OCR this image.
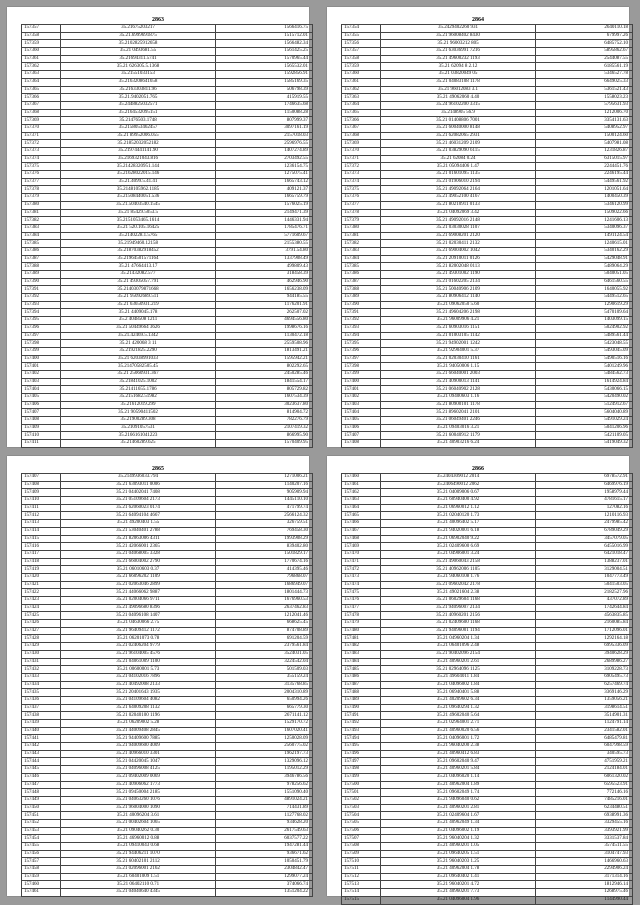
2863
157357	35.21675203217	1566416.75
157358	35.21.6999691875	1515712.01
157359	35.2102825912658	1566482.34
157360	35.21 0493681.55	1561425.25
157361	35.21694311.5741	1570965.44
157362	35.21 626305.5.1368	1565532.01
157363	35.21551033153	1592856.91
157364	35.2163208641658	1585169.35
157365	35.2163303811.96	506798.39
157366	35.21.9402051.765	415919.55
157367	35.2448825032571	1746635.68
157368	35.2164532095151	1150088.28
157369	35.21476503.1748	807999.37
157370	35.2158053462457	3097161.19
157371	35.21 89952006.055	2157018.03
157372	35.21852032052182	2596976.55
157373	35.21974441141.90	1407274.89
157374	35.2169321043.816	2703492.55
157375	35.21428320951.144	1236154.75
157376	35.21628022015.146	1275075.41
157377	35.21.4099.5.41.41	1665743.12
157378	35.2148105962.1185	409121.37
157379	35.21508440051.536	1665759.79
157380	35.21.50403540.1545	1576025.19
157381	35.21 85429.5053.5	2149471.39
157382	35.2151053465.1614	1446331.94
157383	35.21 520.105.16425	1785476.71
157384	35.2140228.1.5765	5771609.67
157385	35.21949460.12158	2155380.55
157386	35.21870382918452	3791.54.80
157387	35.21964501571164	1337908.49
157388	35.21 47664413.17	499809.43
157389	35.21432082.577	318458.39
157390	35.21 49305057.791	462946.90
157391	35.21403079871668	1656238.09
157392	35.21 95092689.511	944185.55
157393	35.21 63650931.219	1176201.91
157394	35.21 4409045.178	262507.02
157395	35.2 4048508 1211	4694556.80
157396	35.21 50449664 3626	1998676.16
157397	35.21.42469.5.1342	1130472.18
157398	35.21 420068 3 11	2559508.96
157399	35.21921825.2290	1813491.21
157400	35.21 62038991033	1595942.21
157401	35.21470582505.45	802292.65
157402	35.21 25060931.367	2450285.46
157403	35.21841025.1002	1841554.17
157404	35.21411655.1786	805729.82
157405	35.2151682.51982	1607534.39
157406	35.21612019.299	3023637.80
157407	35.21 90590411502	814904.72
157408	35.21900289.308	782276.79
157409	35.21091057531	2107419.32
157410	35.2166161041223	866995.90
157411	35.21460289.625	1570409.95
2864
157354	35.2429402260 931	2640110.18
157355	35.21 96008402 8430	679997.26
157356	35.21 96003212 805	6485752.10
157357	35.21 63036991 7216	5895862.67
157358	35.21 49600232 1193	2544087.55
157359	35.21 62094 8 2.12	6185561.19
157360	35.21 03820049 05	5346527.78
157361	35.21 04083108 1178	6649025.33
157362	35.21 96012083 3.1	5361521.43
157363	35.21 49062060 4.40	1558023.23
157364	35.24 96102200 3315	5795631.93
157365	35.2148905 56.9	1212006.70
157366	35.21 01408806 7001	3354131.63
157367	35.21 60040000 8148	5408952.97
157368	35.21 62082065 2931	1500124.60
157369	35.21 46031209 2109	5407981.08
157370	35.21 03829090 6115	1231826.87
157371	35.21 62084 0.24	6315015.97
157372	35.21 05094406 1.47	2244451.76
157373	35.21 01601095 1135	2246195.44
157374	35.21 01906010 2194	5449561.92
157375	35.21 49092064 2164	1201051.64
157376	35.21 49052100 4167	1400450.39
157377	35.21 80210911 0133	5346120.99
157378	35.21 04092069 3.42	1509022.66
157379	35.21 49092016 2148	1241606.13
157380	35.21 03030028 1107	5340096.37
157381	35.21 69008201 2120	1491124.54
157382	35.21 02030411 2132	1240615.01
157383	35.21 69004002 1042	5340162.29
157384	35.21 20910011 0126	5429048.91
157385	35.21 82002048 0113	5489064.29
157386	35.21 49301002 1190	5040051.05
157387	35.21 01602205 2134	6461560.55
157388	35.21 50040906 2109	1640055.92
157389	35.21 80906412 1140	5449512.65
157390	35.21 09062050 5.60	1290619.29
157391	35.21 49604206 2198	5470109.64
157392	35.21 96009906 4.21	1403099.15
157393	35.21 60903016 1151	5024902.92
157394	35.21 01003105 1142	5489561.44
157395	35.21 94902001 1242	5423048.55
157396	35.21 92904001 5.37	5493045.09
157397	35.21 02030410 1161	5490516.16
157398	35.21 94050006 1.15	5401249.96
157399	35.21 66040001 2003	5484562.73
157400	35.21 40900013 1141	1614924.84
157401	35.21 06040902 2128	5430066.15
157402	35.21 09400603 1.16	5420490.02
157403	35.21 80900101 1178	5124912.67
157404	35.21 89602041 2101	5604040.89
157405	35.21 06049401 2246	5491029.24
157406	35.21 09403016 3.21	5041206.96
157407	35.21 60040912 1179	5421109.05
157408	35.21 40903216 6.24	5419049.32
2865
157407	35.2149936033.794	1271006.21
157408	35.21 63093011 0006	1140207.16
157409	35.21 04402041 7408	905909.94
157410	35.21 05109604 2173	1445110.10
157411	35.21 62060023 0174	471799.74
157412	35.21 64094104 4667	2566124.32
157413	35.21 49200403 1.55	326759.51
157414	35.21 53040401 2788	769458.30
157415	35.21 82063006 4311	1993908.29
157416	35.21 42066001 2365	839402.80
157417	35.21 04068005 3328	1501829.17
157418	35.21 66004002 2790	1770674.16
157419	35.21 06010603 0.37	414395.46
157420	35.21 66096202 1109	796868.07
157421	35.21 02063046 2899	1686949.07
157422	35.21 44066062 9887	1801444.73
157423	35.21 02004066 9711	1676960.53
157424	35.21 49096680 8396	2637462.83
157425	35.21 04096108 1407	1212041.46
157426	35.21 04630066 2.75	668625.45
157427	35.21 96409412 1172	874708.89
157428	35.21 06201073 0.78	691204.59
157429	35.21 02406204 9779	2379561.84
157430	35.21 96104005 4576	3524031.05
157431	35.21 04061009 1100	3224542.04
157432	35.21 00600001 5.73	501509.03
157433	35.21 04102016 7896	355159.24
157434	35.21 40492008 2133	3135768.85
157435	35.21 20401643 1935	2004310.89
157436	35.21 04109604 4082	650994.26
157437	35.21 64009208 1132	665779.30
157438	35.21 02040100 1196	2671141.12
157439	35.21 06209002 5.28	1529170.72
157440	35.21 44009408 2845	1607020.41
157441	35.21 94409600 7885	1250028.09
157442	35.21 94009600 4009	2560775.02
157443	35.21 40966010 3301	1962197.73
157444	35.21 04420045 1047	1329096.12
157445	35.21 04096008 4125	1195012.29
157446	35.21 09402009 0069	3946786.56
157447	35.21 40906062 1773	978256.62
157448	35.21 09450004 2185	1551090.40
157449	35.21 04063260 1076	4891024.21
157450	35.21 96004000 1090	714431.89
157451	35.21 40096204 3.61	1127768.02
157452	35.21 00402604 1065	934628.20
157453	35.21 09040262 0.30	2617549.63
157454	35.21 46960012 0.88	6037577.22
157455	35.21 09410043 0.68	1947281.44
157456	35.21 94406211 1070	936671.62
157457	35.21 60402101 2112	1050451.79
157458	35.21 02096001 2162	2304842.47
157459	35.21 60401009 1.51	1299077.24
157460	35.21 06402110 0.71	374066.74
157461	35.21 04040640 4345	1351204.22
2866
157460	35.2404309012 2014	6978572.91
157461	35.2406490012 2062	6469976.19
157462	35.21 04009006 0.67	1958979.44
157463	35.21 60940400 4.92	4781615.17
157464	35.21 06960012 1.12	127082.16
157465	35.21 02040120 1.73	1210116.93
157466	35.21 40096402 5.17	2479985.42
157467	35.21 94020001 6.18	6789049.29
157468	35.21 06902040 9.22	3457079.05
157469	35.21 02409600 6.69	6455016.99
157470	35.21 04906001 3.24	6421018.47
157471	35.21 49060043 2158	1388237.01
157472	35.21 40962006 1105	3129004.51
157473	35.21 94060108 1.76	1047773.49
157474	35.21 09602042 2178	5041503.05
157475	35.21 49021604 2.38	2182527.96
157476	35.21 06029604 1168	437072.89
157477	35.21 94096007 2134	1742644.84
157478	35.21 40960201 2156	4563835.85
157479	35.21 02409600 1168	2160085.84
157480	35.21 94096001 1194	1712096.01
157481	35.21 04960204 1.34	1292164.18
157482	35.21 06401096 2.48	6995336.09
157483	35.21 90402096 2154	3940628.29
157484	35.21 40960201 2.61	2689986.27
157485	35.21 02964096 1125	3109228.73
157486	35.21 49604011 1.84	6905495.73
157487	35.21 04096002 1.84	6257469.74
157488	35.21 06940401 5.88	3369146.29
157489	35.21 40209602 6.34	1359056.21
157490	35.21 09640294 1.32	3198614.51
157491	35.21 49602040 5.64	3514901.31
157492	35.21 02964001 2.71	1124791.14
157493	35.21 40960020 6.56	2341582.01
157494	35.21 04096001 1.72	6485479.81
157495	35.21 96040200 2.38	6047998.59
157496	35.21 40960412 6.83	340595.73
157497	35.21 09602040 9.47	4751959.21
157498	35.21 40960201 5.84	2124184.01
157499	35.21 04096020 1.14	6061320.02
157500	35.21 40962004 1.89	6595523.91
157501	35.21 09602049 1.74	772146.16
157502	35.21 94096040 0.62	7485216.01
157503	35.21 40960201 2.81	6234480.51
157504	35.21 02409604 1.67	6938991.36
157505	35.21 40962049 1.34	3329455.16
157506	35.21 04096002 1.19	3393921.99
157507	35.21 96040204 1.32	3331537.84
157508	35.21 40960201 1.05	3574511.55
157509	35.21 09640205 1.51	3104747.93
157510	35.21 96040203 1.25	1466960.63
157511	35.21 40962004 1.78	2294906.24
157512	35.21 09640402 1.41	3171314.16
157513	35.21 96040201 4.72	1812946.14
157514	35.21 40960201 7.73	1268975.46
157515	35.21 04096004 1.96	1144990.44
